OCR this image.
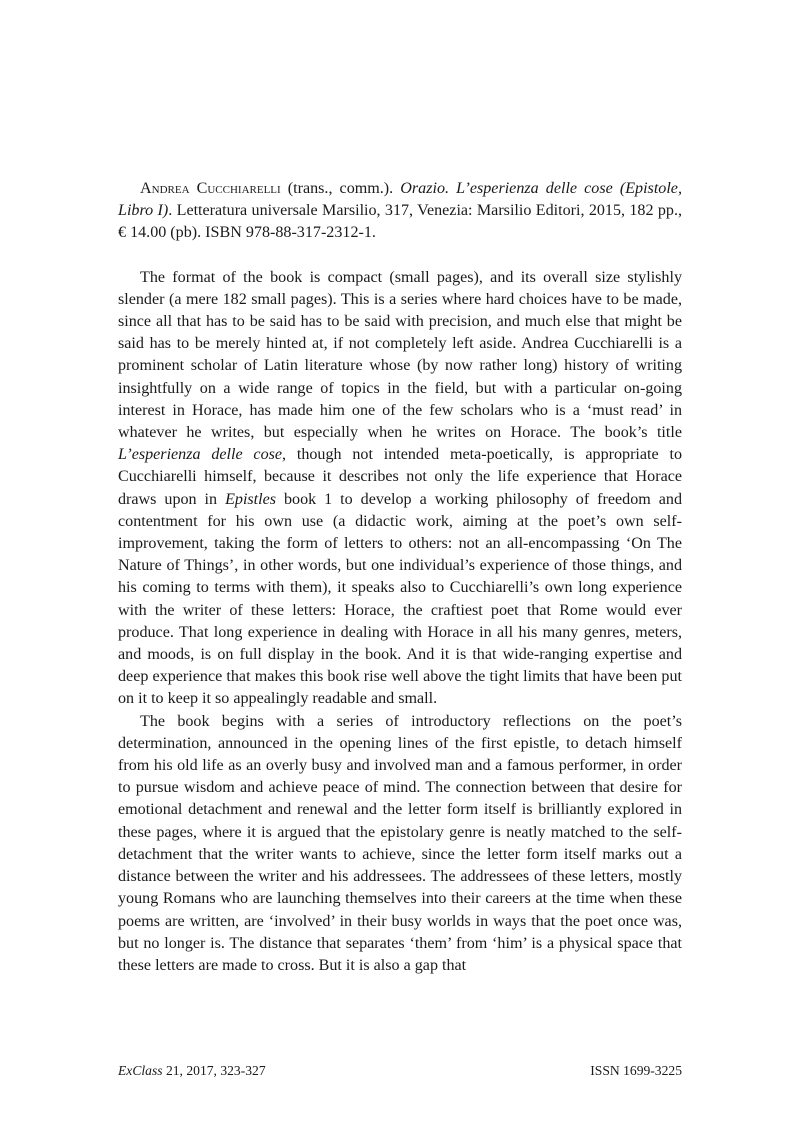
Andrea Cucchiarelli (trans., comm.). Orazio. L’esperienza delle cose (Epistole, Libro I). Letteratura universale Marsilio, 317, Venezia: Marsilio Editori, 2015, 182 pp., € 14.00 (pb). ISBN 978-88-317-2312-1.

The format of the book is compact (small pages), and its overall size stylishly slender (a mere 182 small pages). This is a series where hard choices have to be made, since all that has to be said has to be said with precision, and much else that might be said has to be merely hinted at, if not completely left aside. Andrea Cucchiarelli is a prominent scholar of Latin literature whose (by now rather long) history of writing insightfully on a wide range of topics in the field, but with a particular on-going interest in Horace, has made him one of the few scholars who is a ‘must read’ in whatever he writes, but especially when he writes on Horace. The book’s title L’esperienza delle cose, though not intended meta-poetically, is appropriate to Cucchiarelli himself, because it describes not only the life experience that Horace draws upon in Epistles book 1 to develop a working philosophy of freedom and contentment for his own use (a didactic work, aiming at the poet’s own self-improvement, taking the form of letters to others: not an all-encompassing ‘On The Nature of Things’, in other words, but one individual’s experience of those things, and his coming to terms with them), it speaks also to Cucchiarelli’s own long experience with the writer of these letters: Horace, the craftiest poet that Rome would ever produce. That long experience in dealing with Horace in all his many genres, meters, and moods, is on full display in the book. And it is that wide-ranging expertise and deep experience that makes this book rise well above the tight limits that have been put on it to keep it so appealingly readable and small.

The book begins with a series of introductory reflections on the poet’s determination, announced in the opening lines of the first epistle, to detach himself from his old life as an overly busy and involved man and a famous performer, in order to pursue wisdom and achieve peace of mind. The connection between that desire for emotional detachment and renewal and the letter form itself is brilliantly explored in these pages, where it is argued that the epistolary genre is neatly matched to the self-detachment that the writer wants to achieve, since the letter form itself marks out a distance between the writer and his addressees. The addressees of these letters, mostly young Romans who are launching themselves into their careers at the time when these poems are written, are ‘involved’ in their busy worlds in ways that the poet once was, but no longer is. The distance that separates ‘them’ from ‘him’ is a physical space that these letters are made to cross. But it is also a gap that

ExClass 21, 2017, 323-327	ISSN 1699-3225
